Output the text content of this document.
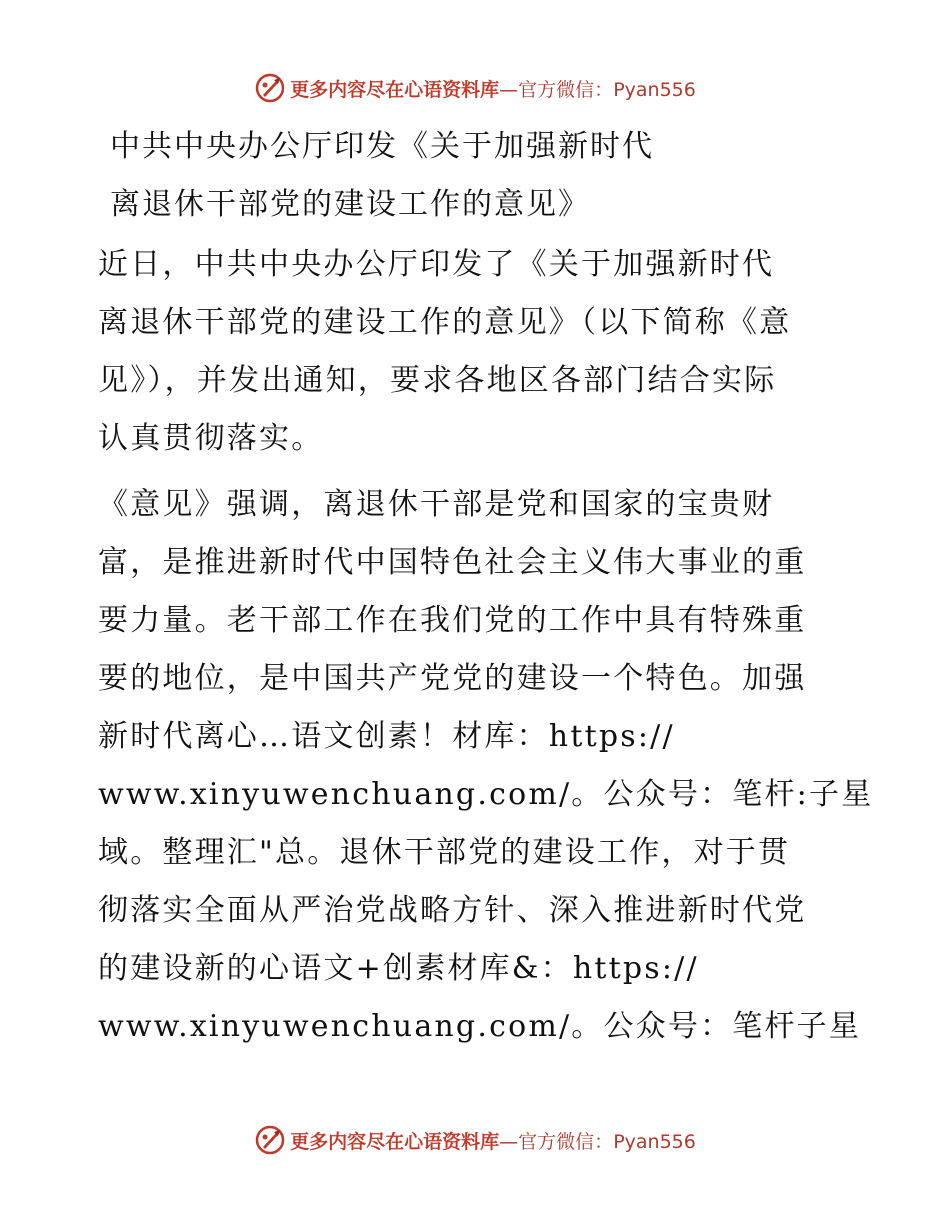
更多内容尽在心语资料库—官方微信：Pyan556
中共中央办公厅印发《关于加强新时代
离退休干部党的建设工作的意见》
近日，中共中央办公厅印发了《关于加强新时代
离退休干部党的建设工作的意见》（以下简称《意
见》），并发出通知，要求各地区各部门结合实际
认真贯彻落实。
《意见》强调，离退休干部是党和国家的宝贵财
富，是推进新时代中国特色社会主义伟大事业的重
要力量。老干部工作在我们党的工作中具有特殊重
要的地位，是中国共产党党的建设一个特色。加强
新时代离心…语文创素！材库：https://
www.xinyuwenchuang.com/。公众号：笔杆:子星
域。整理汇"总。退休干部党的建设工作，对于贯
彻落实全面从严治党战略方针、深入推进新时代党
的建设新的心语文+创素材库&：https://
www.xinyuwenchuang.com/。公众号：笔杆子星
更多内容尽在心语资料库—官方微信：Pyan556
